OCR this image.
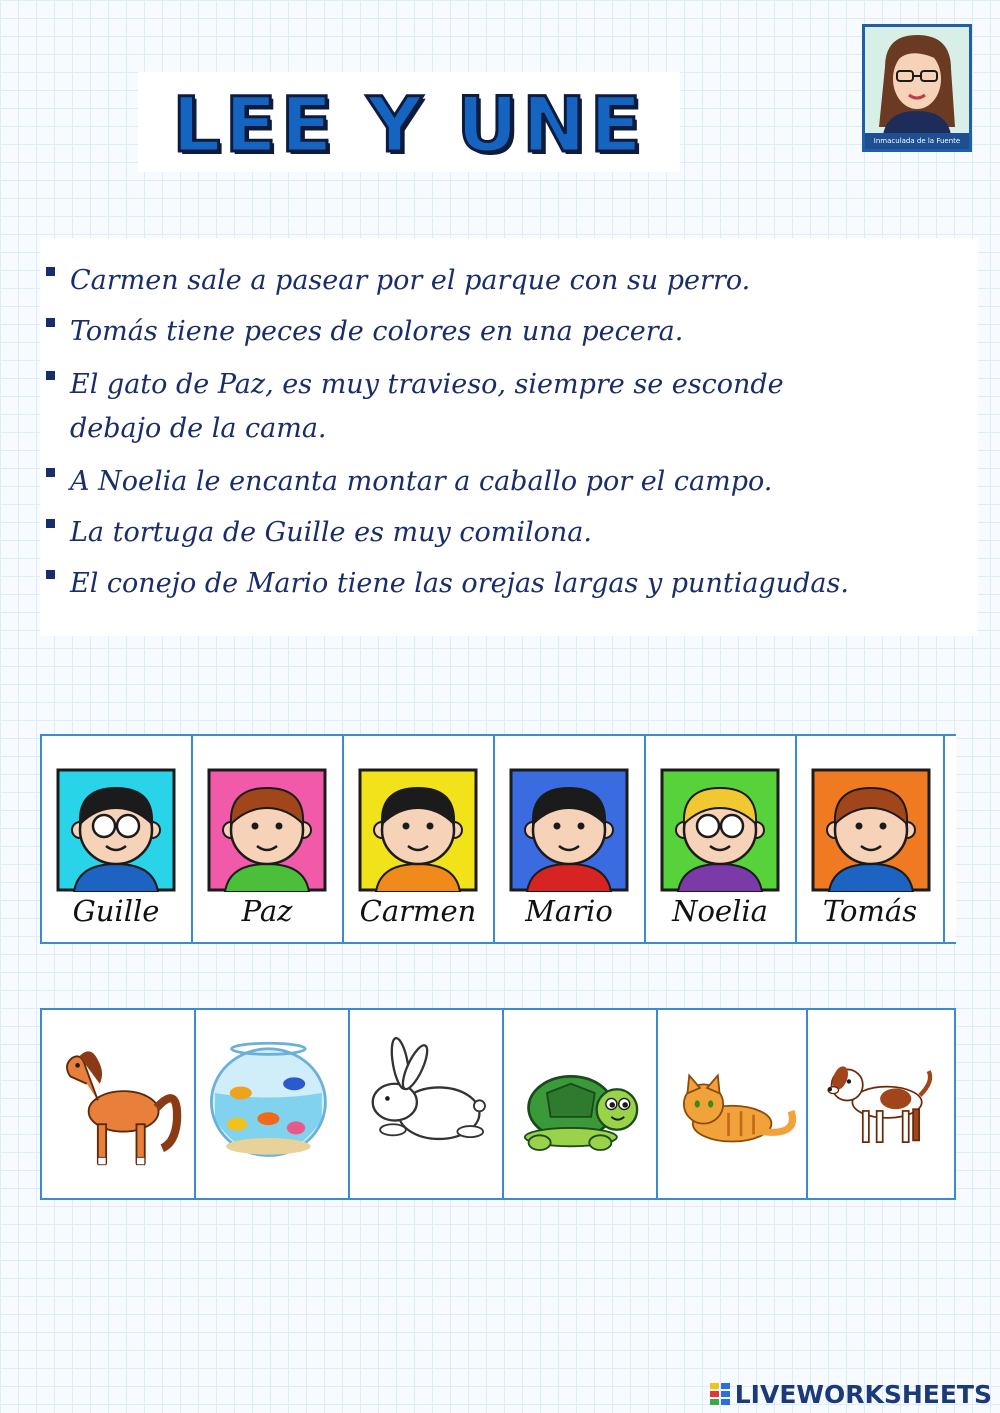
LEE Y UNE	Inmaculada de la Fuente
Carmen sale a pasear por el parque con su perro.
Tomás tiene peces de colores en una pecera.
El gato de Paz, es muy travieso, siempre se esconde
debajo de la cama.
A Noelia le encanta montar a caballo por el campo.
La tortuga de Guille es muy comilona.
El conejo de Mario tiene las orejas largas y puntiagudas.
Guille	Paz	Carmen	Mario	Noelia	Tomás
LIVEWORKSHEETS
